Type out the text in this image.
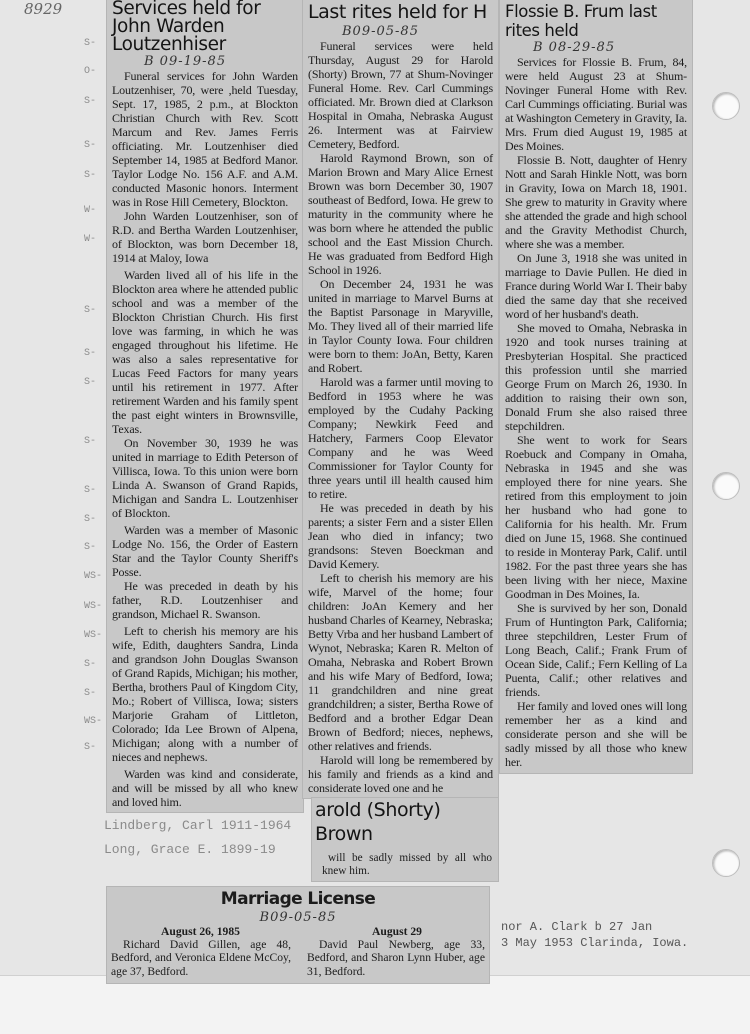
8929
S-
O-
S-
S-
S-
W-
W-
S-
S-
S-
S-
S-
S-
S-
WS-
WS-
WS-
S-
S-
WS-
S-
Services held for
John Warden
Loutzenhiser
B 09-19-85

Funeral services for John Warden Loutzenhiser, 70, were ,held Tuesday, Sept. 17, 1985, 2 p.m., at Blockton Christian Church with Rev. Scott Marcum and Rev. James Ferris officiating. Mr. Loutzenhiser died September 14, 1985 at Bedford Manor. Taylor Lodge No. 156 A.F. and A.M. conducted Masonic honors. Interment was in Rose Hill Cemetery, Blockton.

John Warden Loutzenhiser, son of R.D. and Bertha Warden Loutzenhiser, of Blockton, was born December 18, 1914 at Maloy, Iowa

Warden lived all of his life in the Blockton area where he attended public school and was a member of the Blockton Christian Church. His first love was farming, in which he was engaged throughout his lifetime. He was also a sales representative for Lucas Feed Factors for many years until his retirement in 1977. After retirement Warden and his family spent the past eight winters in Brownsville, Texas.

On November 30, 1939 he was united in marriage to Edith Peterson of Villisca, Iowa. To this union were born Linda A. Swanson of Grand Rapids, Michigan and Sandra L. Loutzenhiser of Blockton.

Warden was a member of Masonic Lodge No. 156, the Order of Eastern Star and the Taylor County Sheriff's Posse.

He was preceded in death by his father, R.D. Loutzenhiser and grandson, Michael R. Swanson.

Left to cherish his memory are his wife, Edith, daughters Sandra, Linda and grandson John Douglas Swanson of Grand Rapids, Michigan; his mother, Bertha, brothers Paul of Kingdom City, Mo.; Robert of Villisca, Iowa; sisters Marjorie Graham of Littleton, Colorado; Ida Lee Brown of Alpena, Michigan; along with a number of nieces and nephews.

Warden was kind and considerate, and will be missed by all who knew and loved him.

Lindberg, Carl 1911-1964
Long, Grace E. 1899-19
Last rites held for H
B09-05-85

Funeral services were held Thursday, August 29 for Harold (Shorty) Brown, 77 at Shum-Novinger Funeral Home. Rev. Carl Cummings officiated. Mr. Brown died at Clarkson Hospital in Omaha, Nebraska August 26. Interment was at Fairview Cemetery, Bedford.

Harold Raymond Brown, son of Marion Brown and Mary Alice Ernest Brown was born December 30, 1907 southeast of Bedford, Iowa. He grew to maturity in the community where he was born where he attended the public school and the East Mission Church. He was graduated from Bedford High School in 1926.

On December 24, 1931 he was united in marriage to Marvel Burns at the Baptist Parsonage in Maryville, Mo. They lived all of their married life in Taylor County Iowa. Four children were born to them: JoAn, Betty, Karen and Robert.

Harold was a farmer until moving to Bedford in 1953 where he was employed by the Cudahy Packing Company; Newkirk Feed and Hatchery, Farmers Coop Elevator Company and he was Weed Commissioner for Taylor County for three years until ill health caused him to retire.

He was preceded in death by his parents; a sister Fern and a sister Ellen Jean who died in infancy; two grandsons: Steven Boeckman and David Kemery.

Left to cherish his memory are his wife, Marvel of the home; four children: JoAn Kemery and her husband Charles of Kearney, Nebraska; Betty Vrba and her husband Lambert of Wynot, Nebraska; Karen R. Melton of Omaha, Nebraska and Robert Brown and his wife Mary of Bedford, Iowa; 11 grandchildren and nine great grandchildren; a sister, Bertha Rowe of Bedford and a brother Edgar Dean Brown of Bedford; nieces, nephews, other relatives and friends.

Harold will long be remembered by his family and friends as a kind and considerate loved one and he

arold (Shorty) Brown

will be sadly missed by all who knew him.

Flossie B. Frum last
rites held
B 08-29-85

Services for Flossie B. Frum, 84, were held August 23 at Shum-Novinger Funeral Home with Rev. Carl Cummings officiating. Burial was at Washington Cemetery in Gravity, Ia. Mrs. Frum died August 19, 1985 at Des Moines.

Flossie B. Nott, daughter of Henry Nott and Sarah Hinkle Nott, was born in Gravity, Iowa on March 18, 1901. She grew to maturity in Gravity where she attended the grade and high school and the Gravity Methodist Church, where she was a member.

On June 3, 1918 she was united in marriage to Davie Pullen. He died in France during World War I. Their baby died the same day that she received word of her husband's death.

She moved to Omaha, Nebraska in 1920 and took nurses training at Presbyterian Hospital. She practiced this profession until she married George Frum on March 26, 1930. In addition to raising their own son, Donald Frum she also raised three stepchildren.

She went to work for Sears Roebuck and Company in Omaha, Nebraska in 1945 and she was employed there for nine years. She retired from this employment to join her husband who had gone to California for his health. Mr. Frum died on June 15, 1968. She continued to reside in Monteray Park, Calif. until 1982. For the past three years she has been living with her niece, Maxine Goodman in Des Moines, Ia.

She is survived by her son, Donald Frum of Huntington Park, California; three stepchildren, Lester Frum of Long Beach, Calif.; Frank Frum of Ocean Side, Calif.; Fern Kelling of La Puenta, Calif.; other relatives and friends.

Her family and loved ones will long remember her as a kind and considerate person and she will be sadly missed by all those who knew her.

Marriage License
B09-05-85
August 26, 1985
Richard David Gillen, age 48, Bedford, and Veronica Eldene McCoy, age 37, Bedford.
August 29
David Paul Newberg, age 33, Bedford, and Sharon Lynn Huber, age 31, Bedford.
nor A. Clark b 27 Jan
3 May 1953 Clarinda, Iowa.
